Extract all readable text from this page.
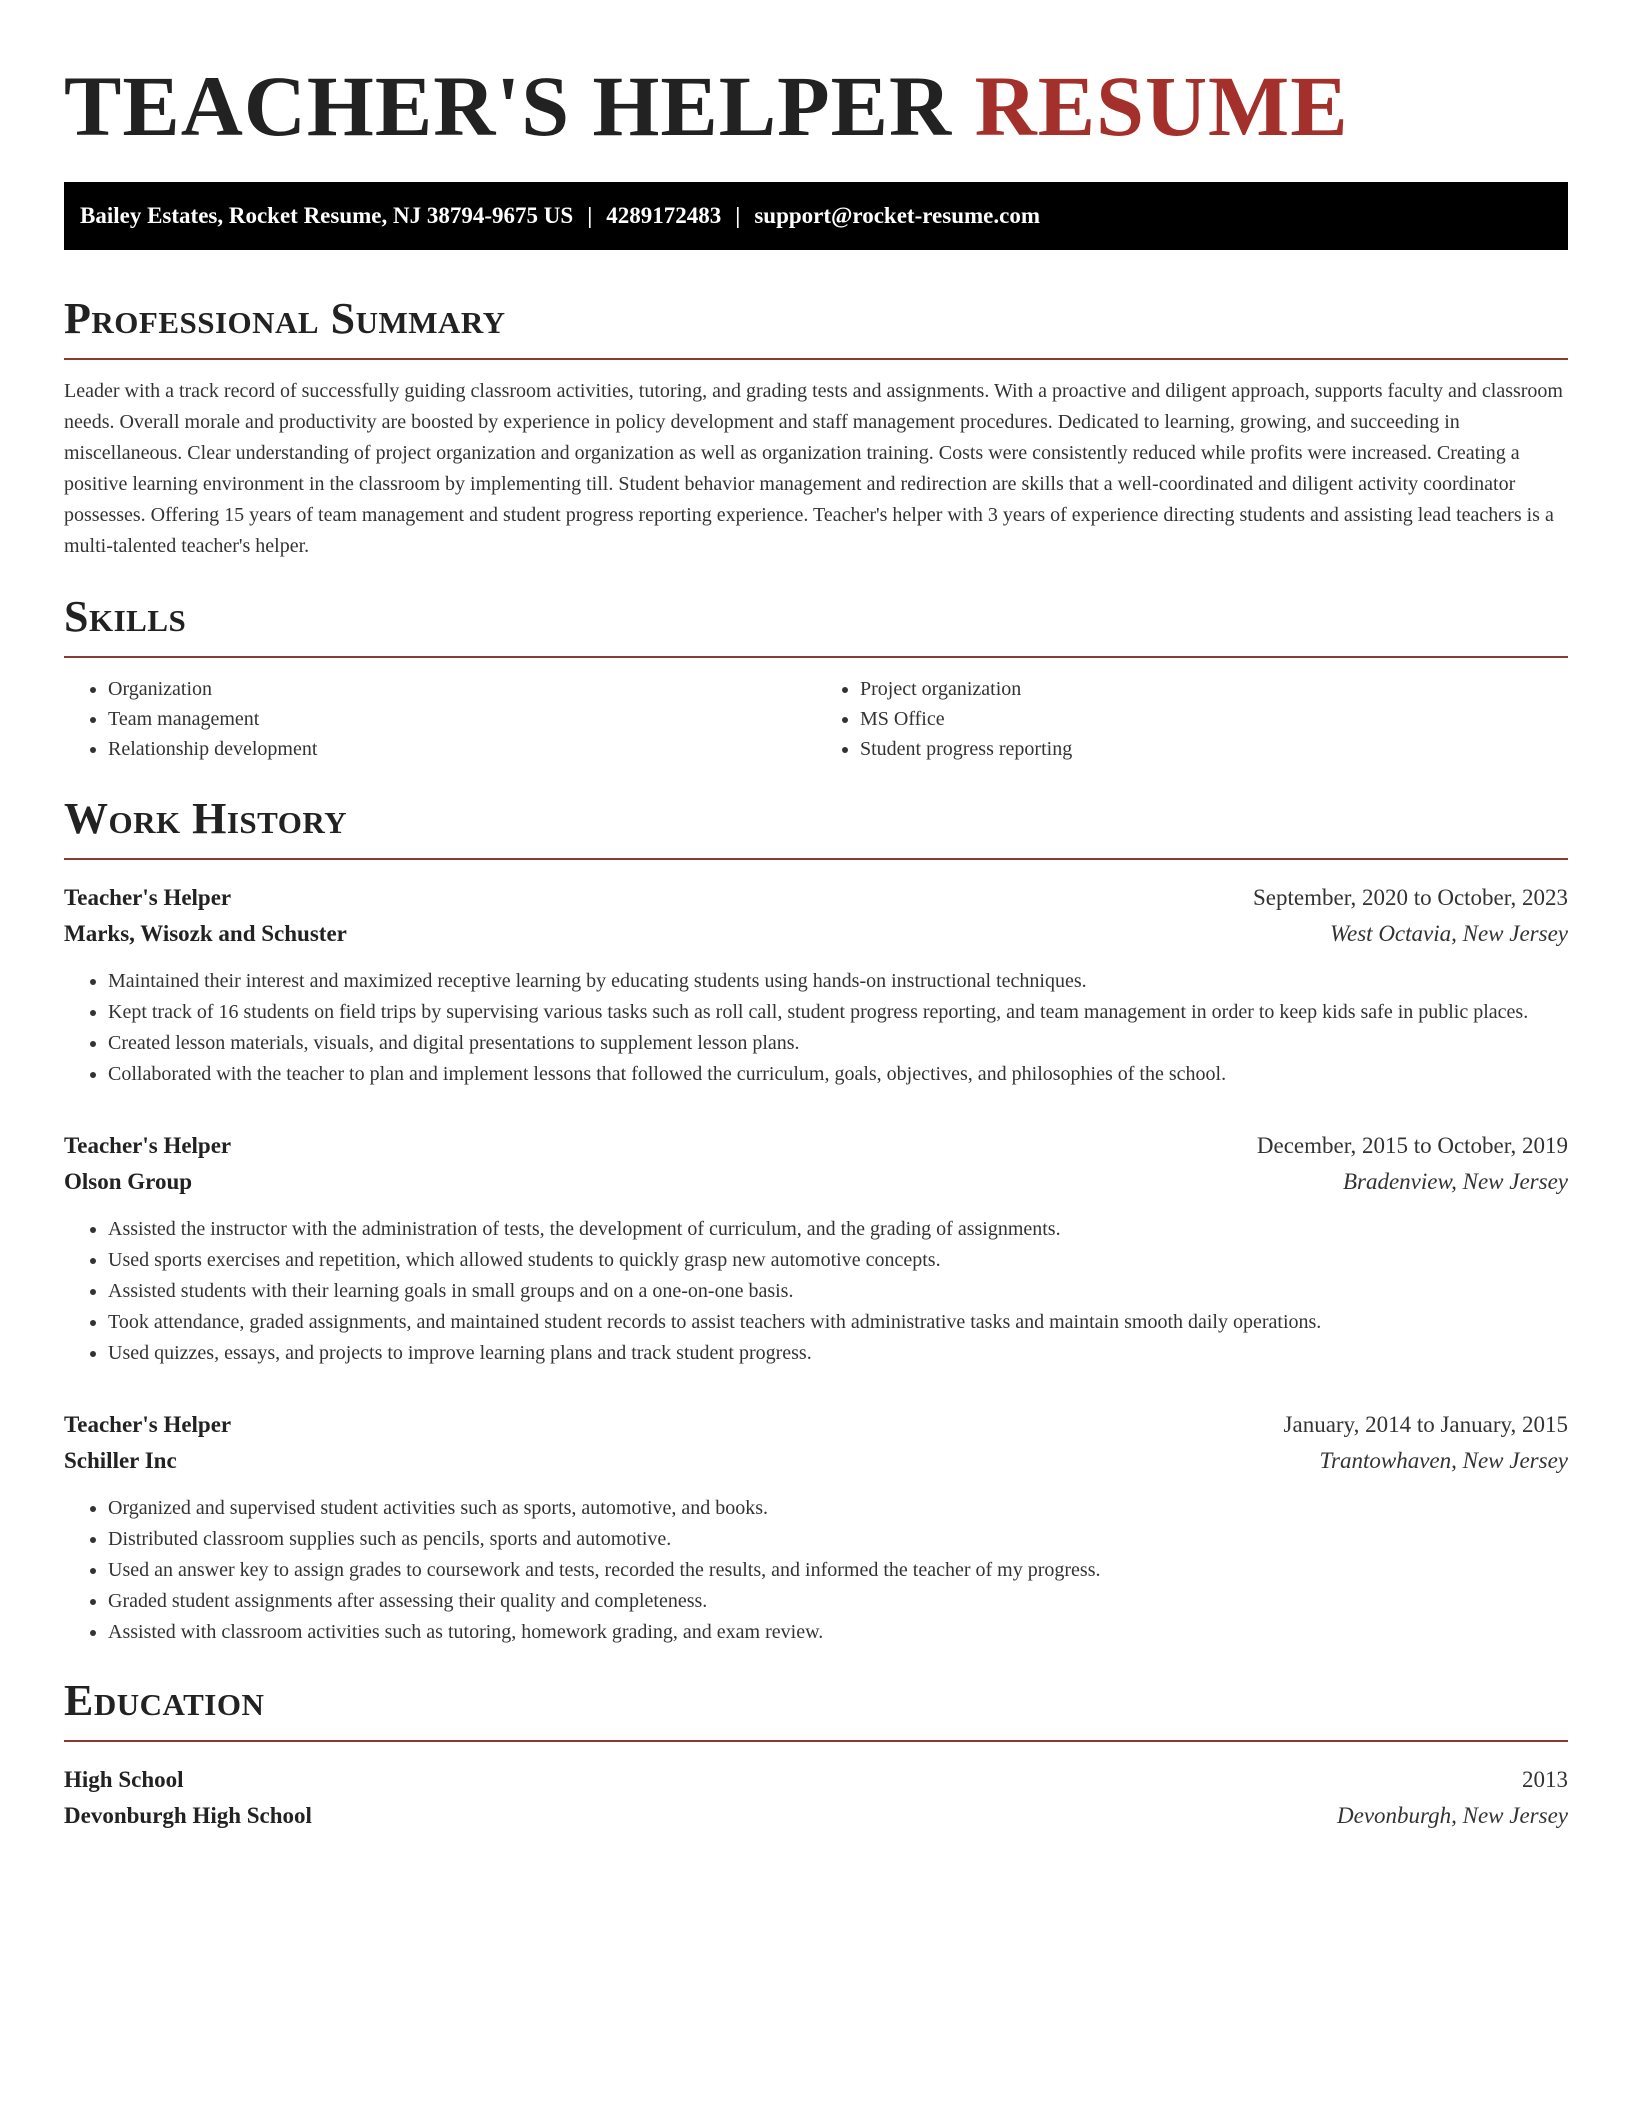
TEACHER'S HELPER RESUME
Bailey Estates, Rocket Resume, NJ 38794-9675 US | 4289172483 | support@rocket-resume.com
Professional Summary

Leader with a track record of successfully guiding classroom activities, tutoring, and grading tests and assignments. With a proactive and diligent approach, supports faculty and classroom needs. Overall morale and productivity are boosted by experience in policy development and staff management procedures. Dedicated to learning, growing, and succeeding in miscellaneous. Clear understanding of project organization and organization as well as organization training. Costs were consistently reduced while profits were increased. Creating a positive learning environment in the classroom by implementing till. Student behavior management and redirection are skills that a well-coordinated and diligent activity coordinator possesses. Offering 15 years of team management and student progress reporting experience. Teacher's helper with 3 years of experience directing students and assisting lead teachers is a multi-talented teacher's helper.

Skills
• Organization
• Team management
• Relationship development
• Project organization
• MS Office
• Student progress reporting
Work History
Teacher's Helper	September, 2020 to October, 2023
Marks, Wisozk and Schuster	West Octavia, New Jersey
• Maintained their interest and maximized receptive learning by educating students using hands-on instructional techniques.
• Kept track of 16 students on field trips by supervising various tasks such as roll call, student progress reporting, and team management in order to keep kids safe in public places.
• Created lesson materials, visuals, and digital presentations to supplement lesson plans.
• Collaborated with the teacher to plan and implement lessons that followed the curriculum, goals, objectives, and philosophies of the school.
Teacher's Helper	December, 2015 to October, 2019
Olson Group	Bradenview, New Jersey
• Assisted the instructor with the administration of tests, the development of curriculum, and the grading of assignments.
• Used sports exercises and repetition, which allowed students to quickly grasp new automotive concepts.
• Assisted students with their learning goals in small groups and on a one-on-one basis.
• Took attendance, graded assignments, and maintained student records to assist teachers with administrative tasks and maintain smooth daily operations.
• Used quizzes, essays, and projects to improve learning plans and track student progress.
Teacher's Helper	January, 2014 to January, 2015
Schiller Inc	Trantowhaven, New Jersey
• Organized and supervised student activities such as sports, automotive, and books.
• Distributed classroom supplies such as pencils, sports and automotive.
• Used an answer key to assign grades to coursework and tests, recorded the results, and informed the teacher of my progress.
• Graded student assignments after assessing their quality and completeness.
• Assisted with classroom activities such as tutoring, homework grading, and exam review.
Education
High School	2013
Devonburgh High School	Devonburgh, New Jersey
